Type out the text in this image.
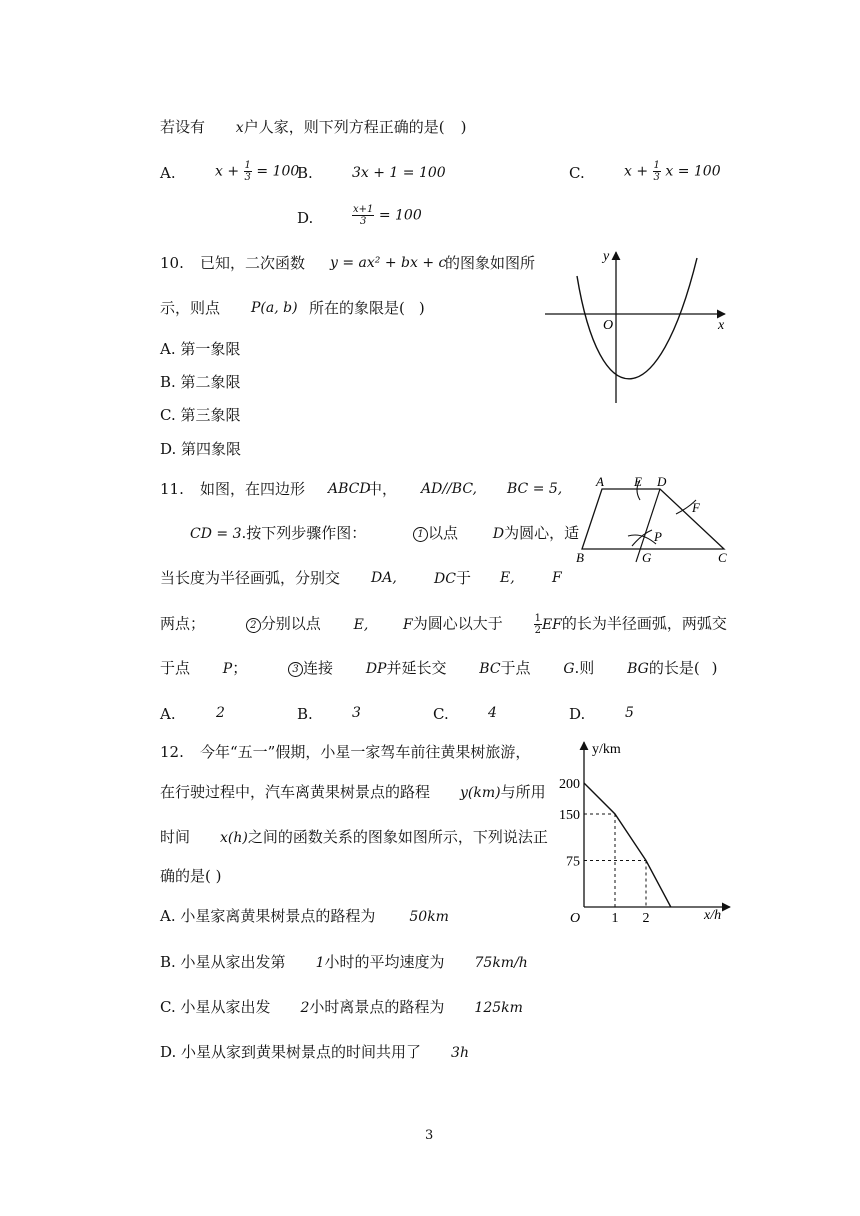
若设有 x户人家，则下列方程正确的是( )
A.	$x + \frac{1}{3} = 100$
B.	3x + 1 = 100	C.	$x + \frac{1}{3}$ x = 100
D.	$\frac{x+1}{3} = 100$
10. 已知，二次函数 y = ax² + bx + c
的图象如图所
示，则点 P(a, b) 所在的象限是( )
A. 第一象限
B. 第二象限
C. 第三象限
D. 第四象限
y
x
O
11. 如图，在四边形 ABCD
中， AD//BC, BC = 5,
CD = 3.按下列步骤作图：	1 以点 D为圆心，适
当长度为半径画弧，分别交 DA,	DC于 E,	F
两点；	2 分别以点 E, F为圆心以大于	$\frac{1}{2}$ EF的长为半径画弧，两弧交
于点 P；	3 连接 DP并延长交 BC于点 G.则 BG的长是( )
A.	2	B.	3	C.	4	D.	5
A E D
F
P
B	G	C
12. 今年“五一”假期，小星一家驾车前往黄果树旅游，
在行驶过程中，汽车离黄果树景点的路程 y(km)与所用
时间 x(h)之间的函数关系的图象如图所示，下列说法正
确的是( )
A. 小星家离黄果树景点的路程为 50km
B. 小星从家出发第 1小时的平均速度为 75km/h
C. 小星从家出发 2小时离景点的路程为 125km
D. 小星从家到黄果树景点的时间共用了 3h
y/km
x/h
O
75
150
200
1 2
3
